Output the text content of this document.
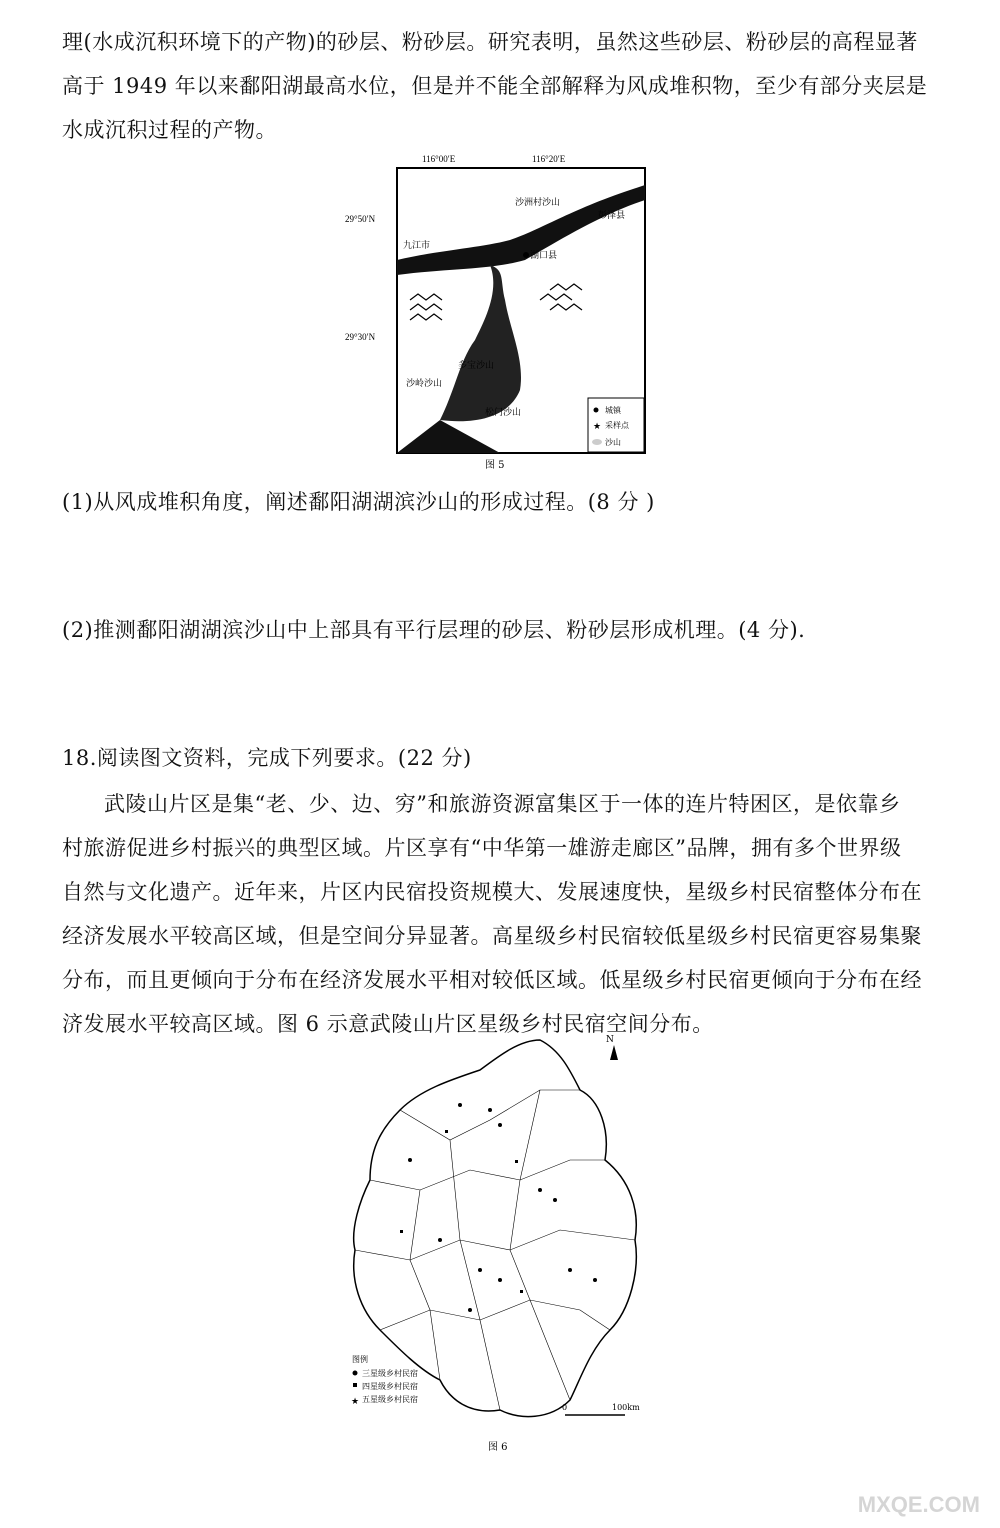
理(水成沉积环境下的产物)的砂层、粉砂层。研究表明，虽然这些砂层、粉砂层的高程显著
高于 1949 年以来鄱阳湖最高水位，但是并不能全部解释为风成堆积物，至少有部分夹层是
水成沉积过程的产物。
116°00′E	116°20′E
29°50′N
29°30′N
九江市
湖口县
彭泽县
沙洲村沙山
多宝沙山
沙岭沙山
松门沙山
鄱阳湖
城镇
★ 采样点
沙山
图 5
(1)从风成堆积角度，阐述鄱阳湖湖滨沙山的形成过程。(8 分 )
(2)推测鄱阳湖湖滨沙山中上部具有平行层理的砂层、粉砂层形成机理。(4 分).
18.阅读图文资料，完成下列要求。(22 分)
武陵山片区是集“老、少、边、穷”和旅游资源富集区于一体的连片特困区，是依靠乡
村旅游促进乡村振兴的典型区域。片区享有“中华第一雄游走廊区”品牌，拥有多个世界级
自然与文化遗产。近年来，片区内民宿投资规模大、发展速度快，星级乡村民宿整体分布在
经济发展水平较高区域，但是空间分异显著。高星级乡村民宿较低星级乡村民宿更容易集聚
分布，而且更倾向于分布在经济发展水平相对较低区域。低星级乡村民宿更倾向于分布在经
济发展水平较高区域。图 6 示意武陵山片区星级乡村民宿空间分布。
图例
三星级乡村民宿
四星级乡村民宿
★ 五星级乡村民宿
0	100km
N
图 6
MXQE.COM
